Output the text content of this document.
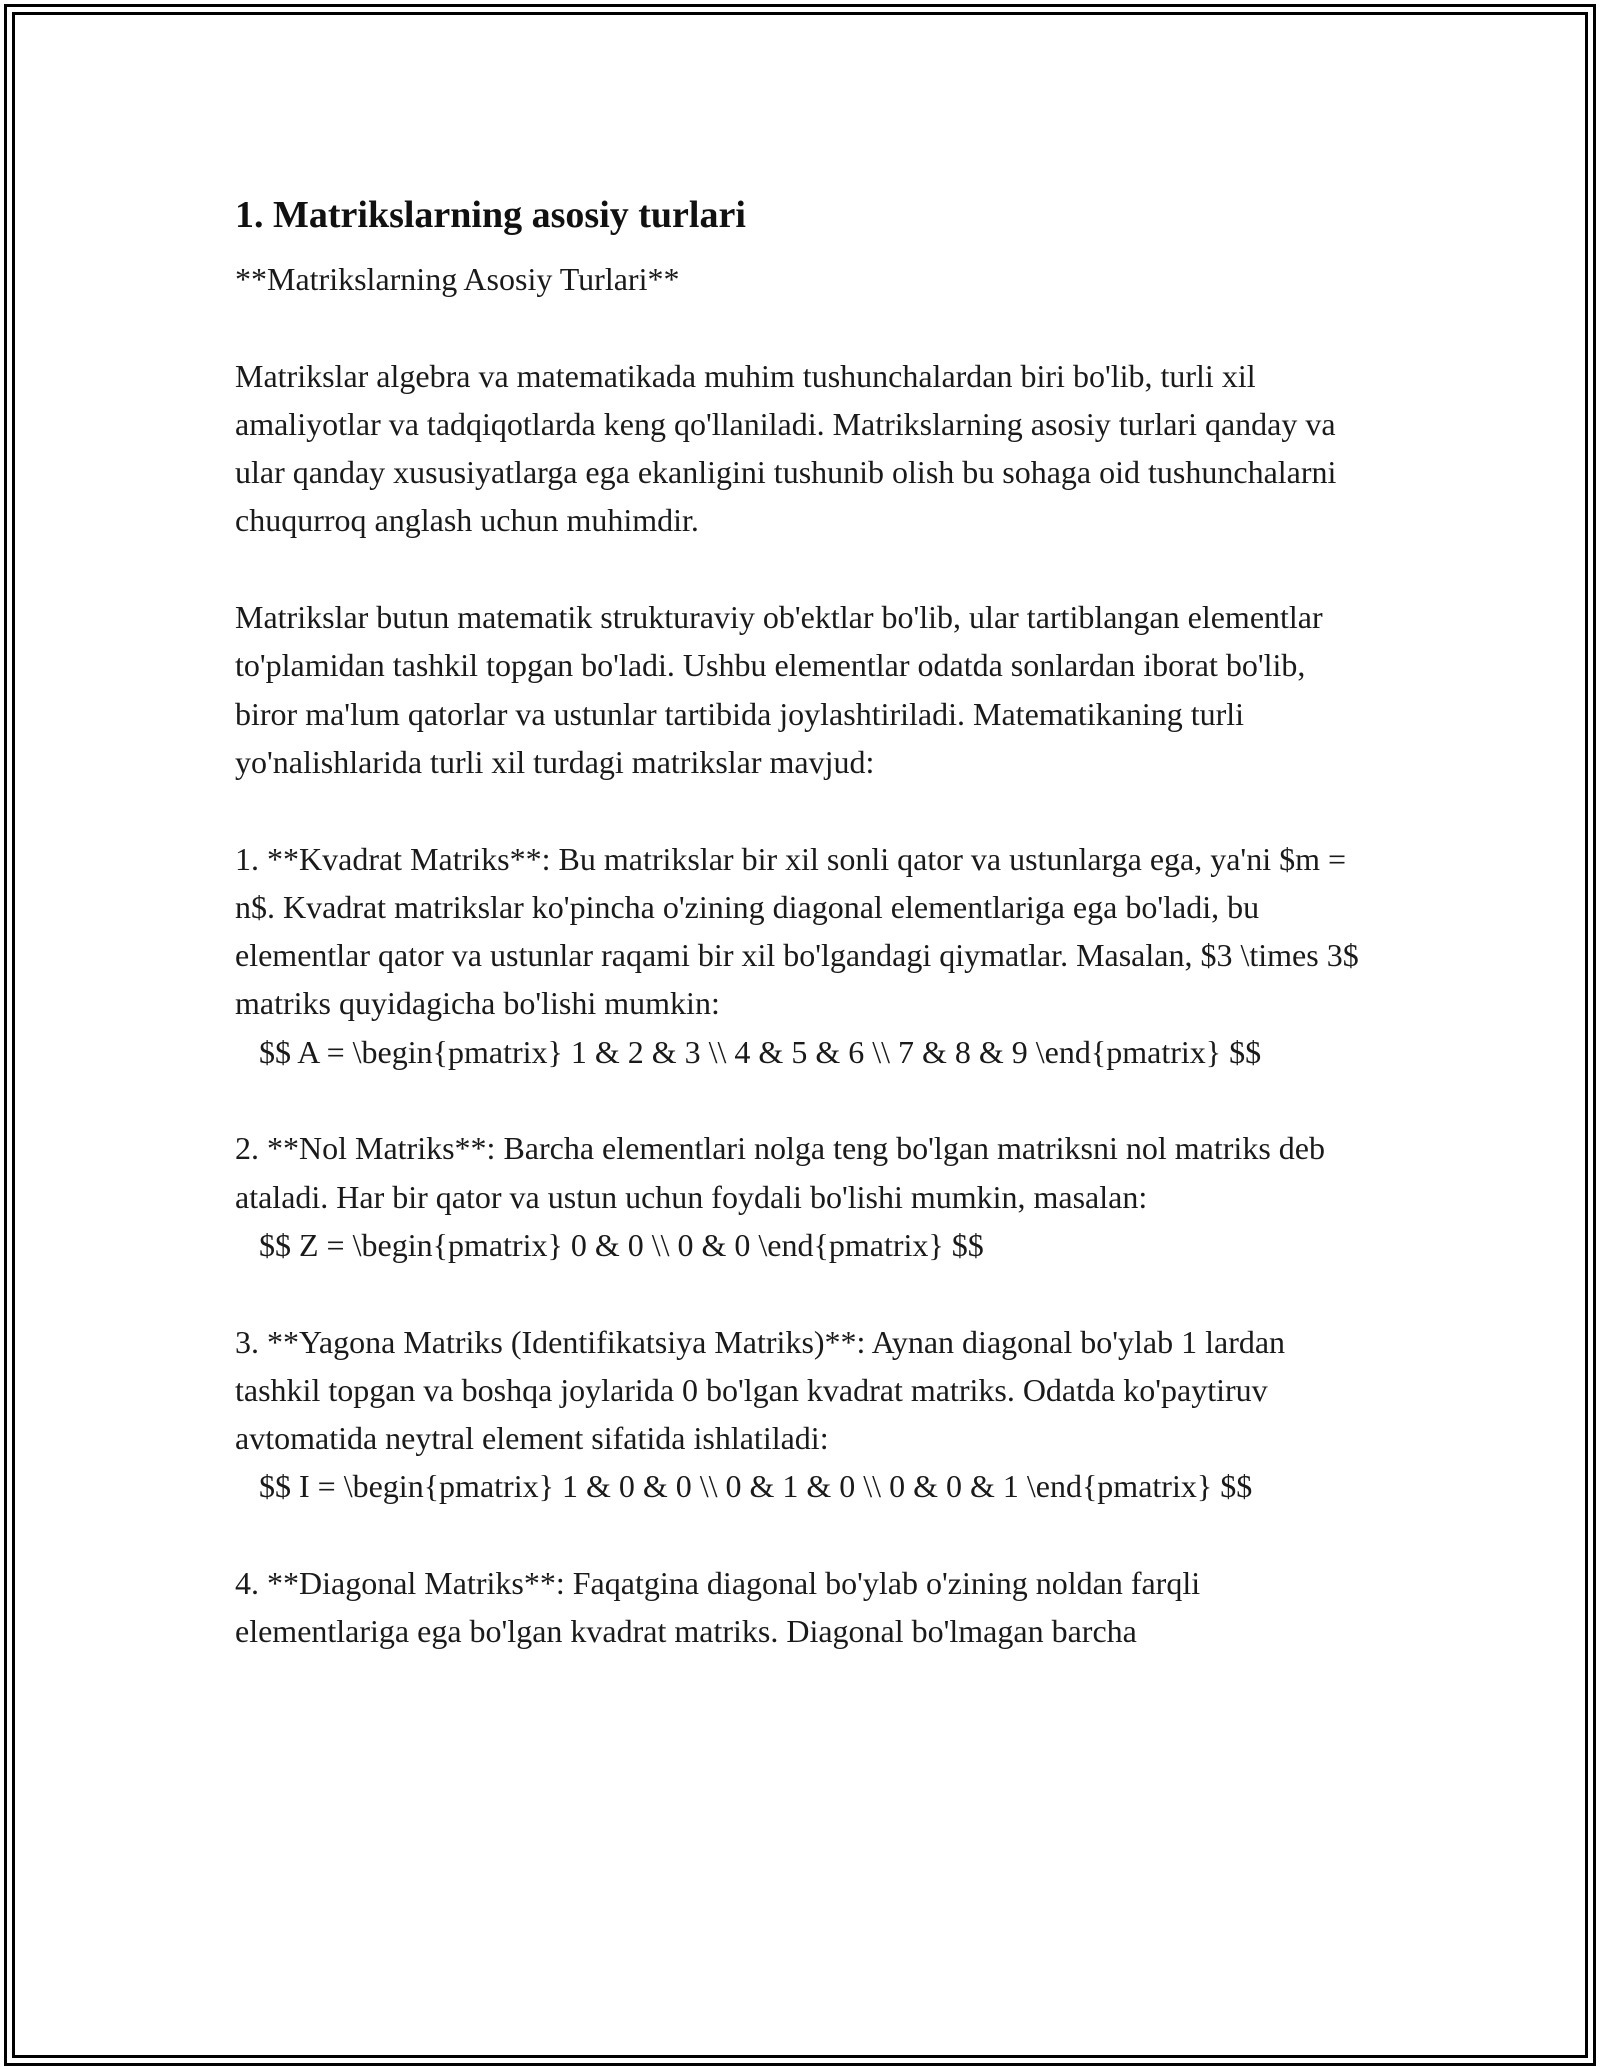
1. Matrikslarning asosiy turlari
**Matrikslarning Asosiy Turlari**

Matrikslar algebra va matematikada muhim tushunchalardan biri bo'lib, turli xil amaliyotlar va tadqiqotlarda keng qo'llaniladi. Matrikslarning asosiy turlari qanday va ular qanday xususiyatlarga ega ekanligini tushunib olish bu sohaga oid tushunchalarni chuqurroq anglash uchun muhimdir.

Matrikslar butun matematik strukturaviy ob'ektlar bo'lib, ular tartiblangan elementlar to'plamidan tashkil topgan bo'ladi. Ushbu elementlar odatda sonlardan iborat bo'lib, biror ma'lum qatorlar va ustunlar tartibida joylashtiriladi. Matematikaning turli yo'nalishlarida turli xil turdagi matrikslar mavjud:

1. **Kvadrat Matriks**: Bu matrikslar bir xil sonli qator va ustunlarga ega, ya'ni $m = n$. Kvadrat matrikslar ko'pincha o'zining diagonal elementlariga ega bo'ladi, bu elementlar qator va ustunlar raqami bir xil bo'lgandagi qiymatlar. Masalan, $3 \times 3$ matriks quyidagicha bo'lishi mumkin:
$$ A = \begin{pmatrix} 1 & 2 & 3 \\ 4 & 5 & 6 \\ 7 & 8 & 9 \end{pmatrix} $$

2. **Nol Matriks**: Barcha elementlari nolga teng bo'lgan matriksni nol matriks deb ataladi. Har bir qator va ustun uchun foydali bo'lishi mumkin, masalan:
$$ Z = \begin{pmatrix} 0 & 0 \\ 0 & 0 \end{pmatrix} $$

3. **Yagona Matriks (Identifikatsiya Matriks)**: Aynan diagonal bo'ylab 1 lardan tashkil topgan va boshqa joylarida 0 bo'lgan kvadrat matriks. Odatda ko'paytiruv avtomatida neytral element sifatida ishlatiladi:
$$ I = \begin{pmatrix} 1 & 0 & 0 \\ 0 & 1 & 0 \\ 0 & 0 & 1 \end{pmatrix} $$

4. **Diagonal Matriks**: Faqatgina diagonal bo'ylab o'zining noldan farqli elementlariga ega bo'lgan kvadrat matriks. Diagonal bo'lmagan barcha
